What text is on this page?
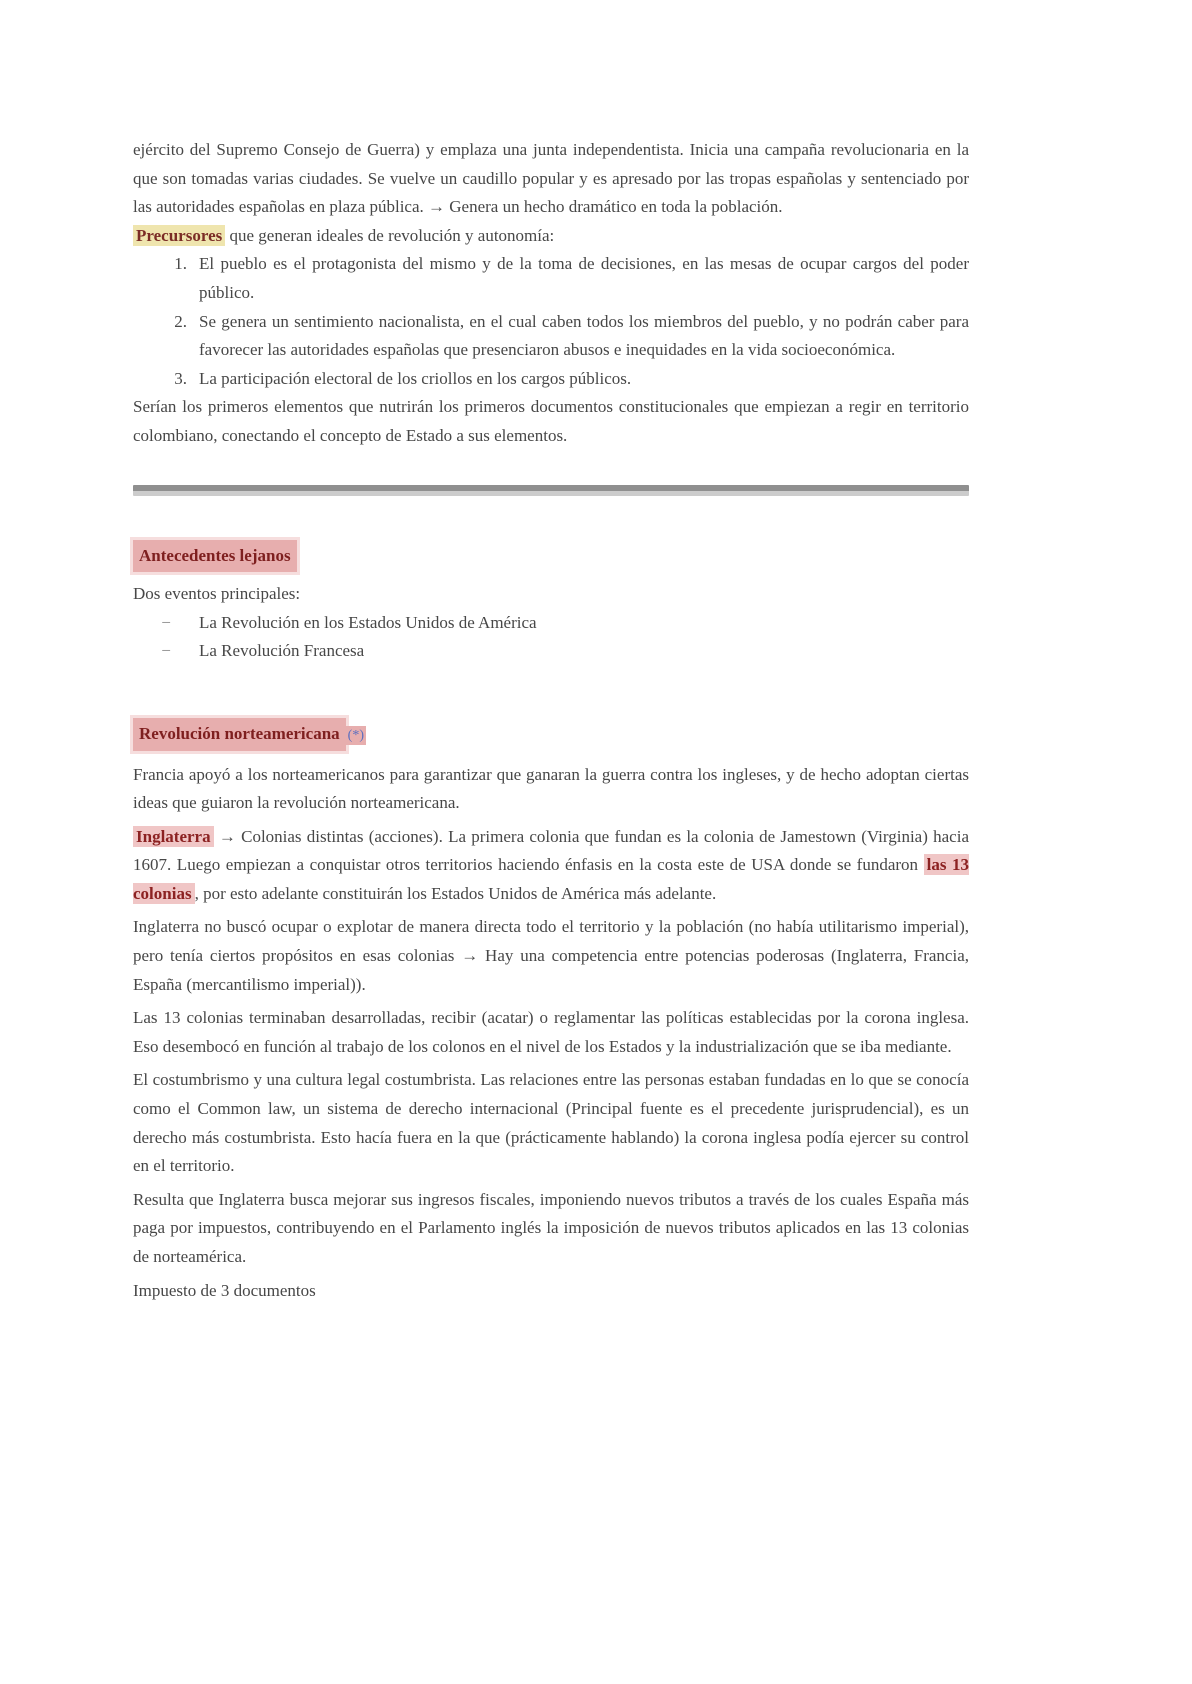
ejército del Supremo Consejo de Guerra) y emplaza una junta independentista. Inicia una campaña revolucionaria en la que son tomadas varias ciudades. Se vuelve un caudillo popular y es apresado por las tropas españolas y sentenciado por las autoridades españolas en plaza pública. → Genera un hecho dramático en toda la población.

Precursores que generan ideales de revolución y autonomía:

1. El pueblo es el protagonista del mismo y de la toma de decisiones, en las mesas de ocupar cargos del poder público.
2. Se genera un sentimiento nacionalista, en el cual caben todos los miembros del pueblo, y no podrán caber para favorecer las autoridades españolas que presenciaron abusos e inequidades en la vida socioeconómica.
3. La participación electoral de los criollos en los cargos públicos.

Serían los primeros elementos que nutrirán los primeros documentos constitucionales que empiezan a regir en territorio colombiano, conectando el concepto de Estado a sus elementos.

Antecedentes lejanos

Dos eventos principales:

−	La Revolución en los Estados Unidos de América
−	La Revolución Francesa
Revolución norteamericana (*)

Francia apoyó a los norteamericanos para garantizar que ganaran la guerra contra los ingleses, y de hecho adoptan ciertas ideas que guiaron la revolución norteamericana.

Inglaterra → Colonias distintas (acciones). La primera colonia que fundan es la colonia de Jamestown (Virginia) hacia 1607. Luego empiezan a conquistar otros territorios haciendo énfasis en la costa este de USA donde se fundaron las 13 colonias , por esto adelante constituirán los Estados Unidos de América más adelante.

Inglaterra no buscó ocupar o explotar de manera directa todo el territorio y la población (no había utilitarismo imperial), pero tenía ciertos propósitos en esas colonias → Hay una competencia entre potencias poderosas (Inglaterra, Francia, España (mercantilismo imperial)).

Las 13 colonias terminaban desarrolladas, recibir (acatar) o reglamentar las políticas establecidas por la corona inglesa. Eso desembocó en función al trabajo de los colonos en el nivel de los Estados y la industrialización que se iba mediante.

El costumbrismo y una cultura legal costumbrista. Las relaciones entre las personas estaban fundadas en lo que se conocía como el Common law, un sistema de derecho internacional (Principal fuente es el precedente jurisprudencial), es un derecho más costumbrista. Esto hacía fuera en la que (prácticamente hablando) la corona inglesa podía ejercer su control en el territorio.

Resulta que Inglaterra busca mejorar sus ingresos fiscales, imponiendo nuevos tributos a través de los cuales España más paga por impuestos, contribuyendo en el Parlamento inglés la imposición de nuevos tributos aplicados en las 13 colonias de norteamérica.

Impuesto de 3 documentos
